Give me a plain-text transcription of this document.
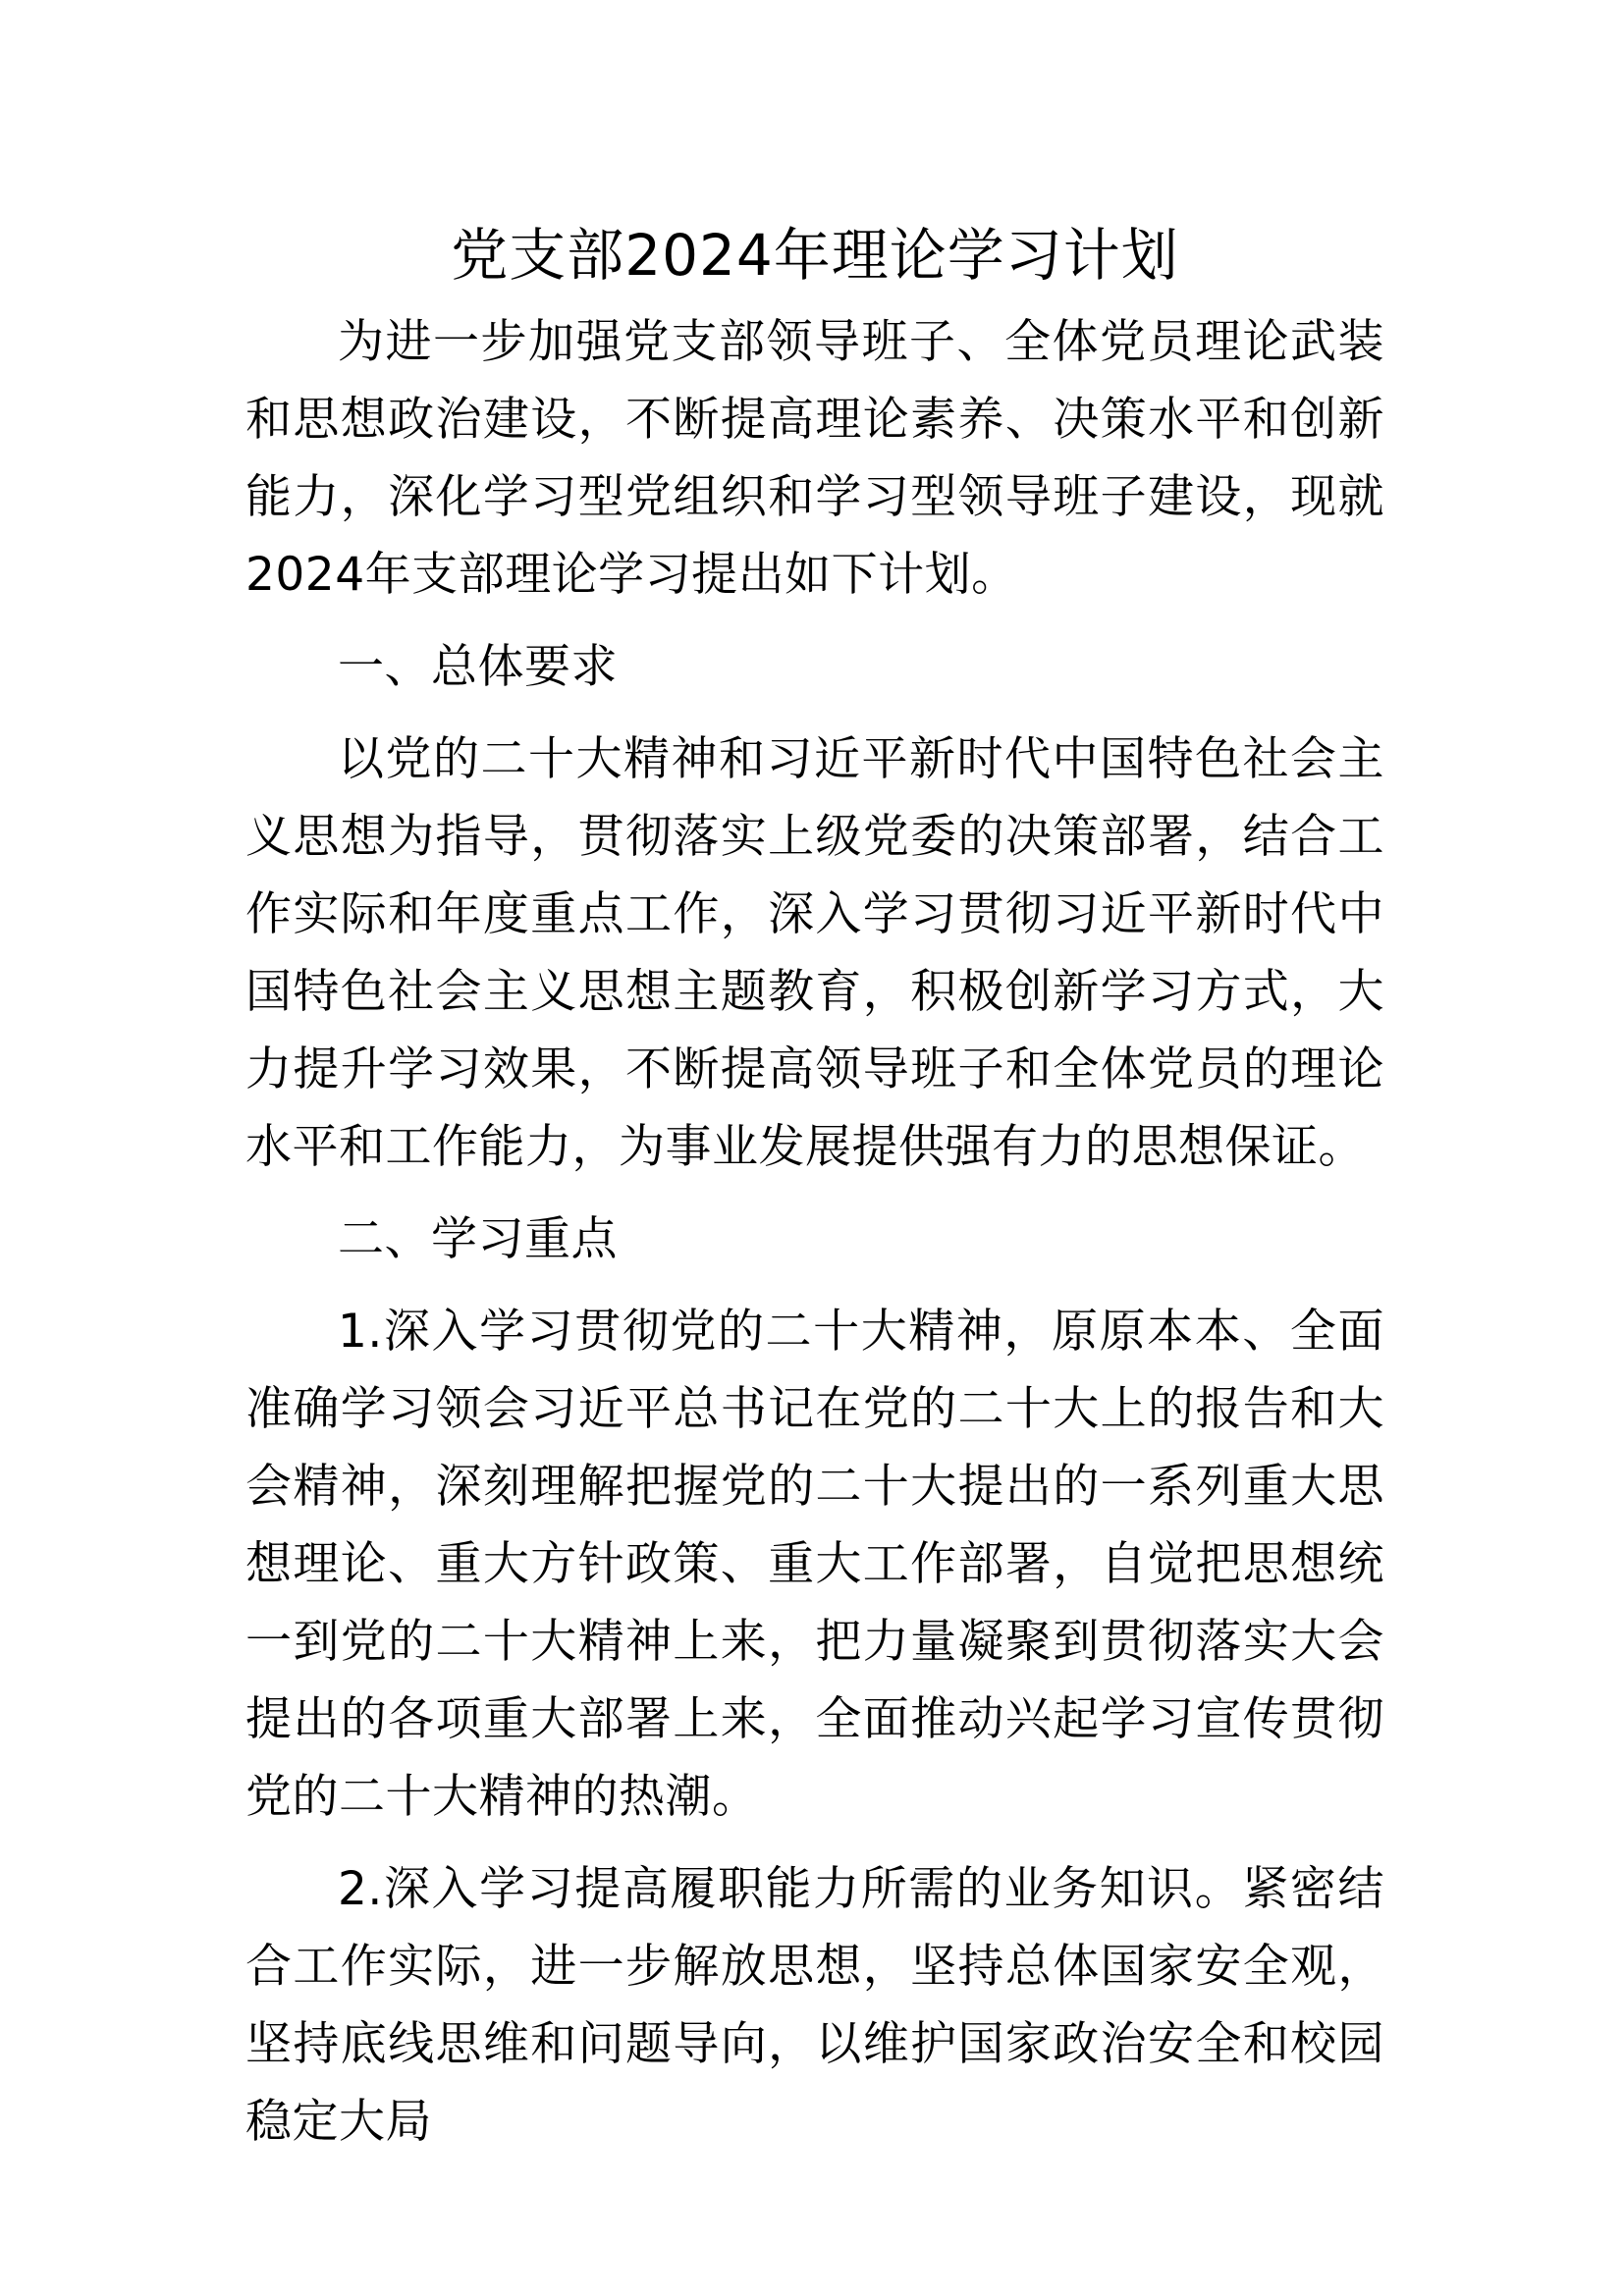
党支部2024年理论学习计划

为进一步加强党支部领导班子、全体党员理论武装和思想政治建设，不断提高理论素养、决策水平和创新能力，深化学习型党组织和学习型领导班子建设，现就 2024年支部理论学习提出如下计划。

一、总体要求

以党的二十大精神和习近平新时代中国特色社会主义思想为指导，贯彻落实上级党委的决策部署，结合工作实际和年度重点工作，深入学习贯彻习近平新时代中国特色社会主义思想主题教育，积极创新学习方式，大力提升学习效果，不断提高领导班子和全体党员的理论水平和工作能力，为事业发展提供强有力的思想保证。

二、学习重点

1.深入学习贯彻党的二十大精神，原原本本、全面准确学习领会习近平总书记在党的二十大上的报告和大会精神，深刻理解把握党的二十大提出的一系列重大思想理论、重大方针政策、重大工作部署，自觉把思想统一到党的二十大精神上来，把力量凝聚到贯彻落实大会提出的各项重大部署上来，全面推动兴起学习宣传贯彻党的二十大精神的热潮。

2.深入学习提高履职能力所需的业务知识。紧密结合工作实际，进一步解放思想，坚持总体国家安全观，坚持底线思维和问题导向，以维护国家政治安全和校园稳定大局
